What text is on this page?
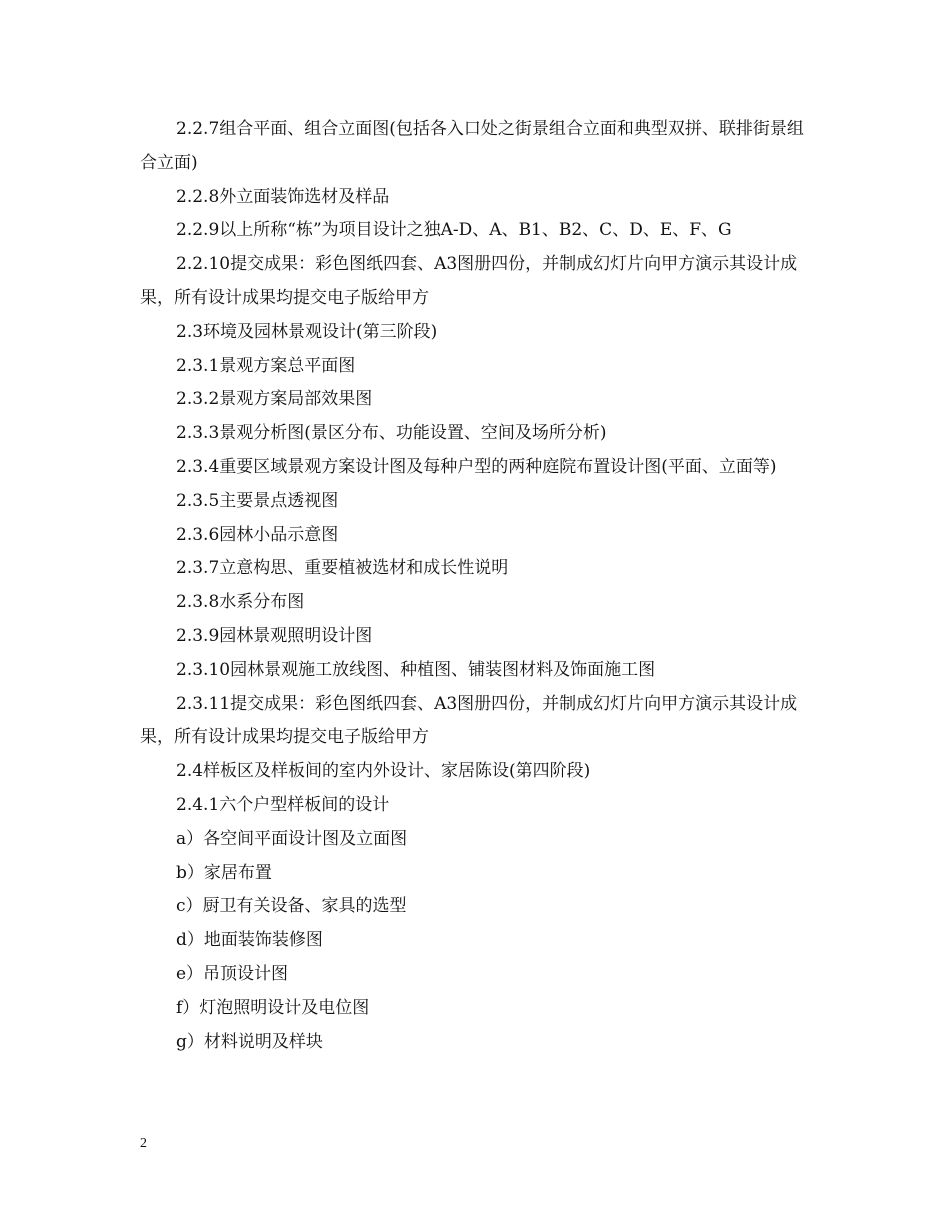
2.2.7组合平面、组合立面图(包括各入口处之街景组合立面和典型双拼、联排街景组合立面)

2.2.8外立面装饰选材及样品

2.2.9以上所称“栋”为项目设计之独A-D、A、B1、B2、C、D、E、F、G

2.2.10提交成果：彩色图纸四套、A3图册四份，并制成幻灯片向甲方演示其设计成果，所有设计成果均提交电子版给甲方

2.3环境及园林景观设计(第三阶段)

2.3.1景观方案总平面图

2.3.2景观方案局部效果图

2.3.3景观分析图(景区分布、功能设置、空间及场所分析)

2.3.4重要区域景观方案设计图及每种户型的两种庭院布置设计图(平面、立面等)

2.3.5主要景点透视图

2.3.6园林小品示意图

2.3.7立意构思、重要植被选材和成长性说明

2.3.8水系分布图

2.3.9园林景观照明设计图

2.3.10园林景观施工放线图、种植图、铺装图材料及饰面施工图

2.3.11提交成果：彩色图纸四套、A3图册四份，并制成幻灯片向甲方演示其设计成果，所有设计成果均提交电子版给甲方

2.4样板区及样板间的室内外设计、家居陈设(第四阶段)

2.4.1六个户型样板间的设计

a）各空间平面设计图及立面图

b）家居布置

c）厨卫有关设备、家具的选型

d）地面装饰装修图

e）吊顶设计图

f）灯泡照明设计及电位图

g）材料说明及样块

2
